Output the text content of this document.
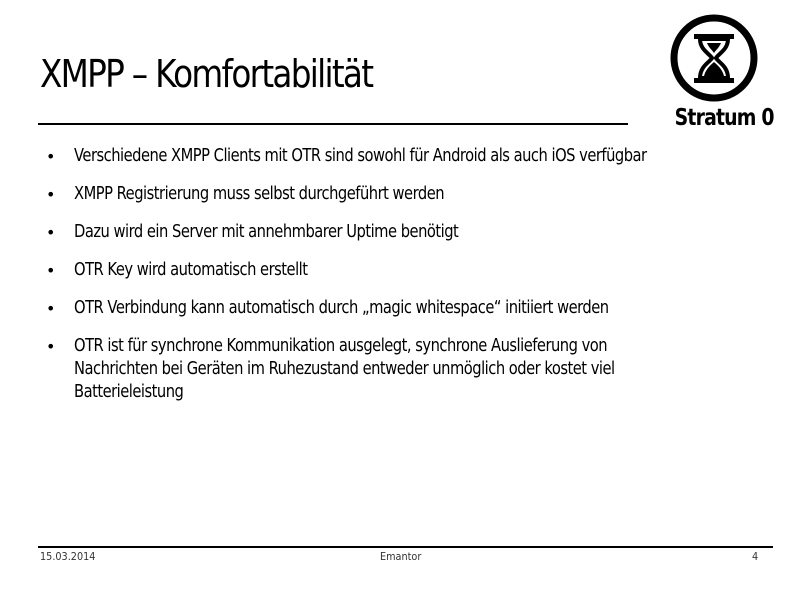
XMPP – Komfortabilität
Stratum 0
• Verschiedene XMPP Clients mit OTR sind sowohl für Android als auch iOS verfügbar
• XMPP Registrierung muss selbst durchgeführt werden
• Dazu wird ein Server mit annehmbarer Uptime benötigt
• OTR Key wird automatisch erstellt
• OTR Verbindung kann automatisch durch „magic whitespace“ initiiert werden
• OTR ist für synchrone Kommunikation ausgelegt, synchrone Auslieferung von Nachrichten bei Geräten im Ruhezustand entweder unmöglich oder kostet viel Batterieleistung
15.03.2014	Emantor	4
